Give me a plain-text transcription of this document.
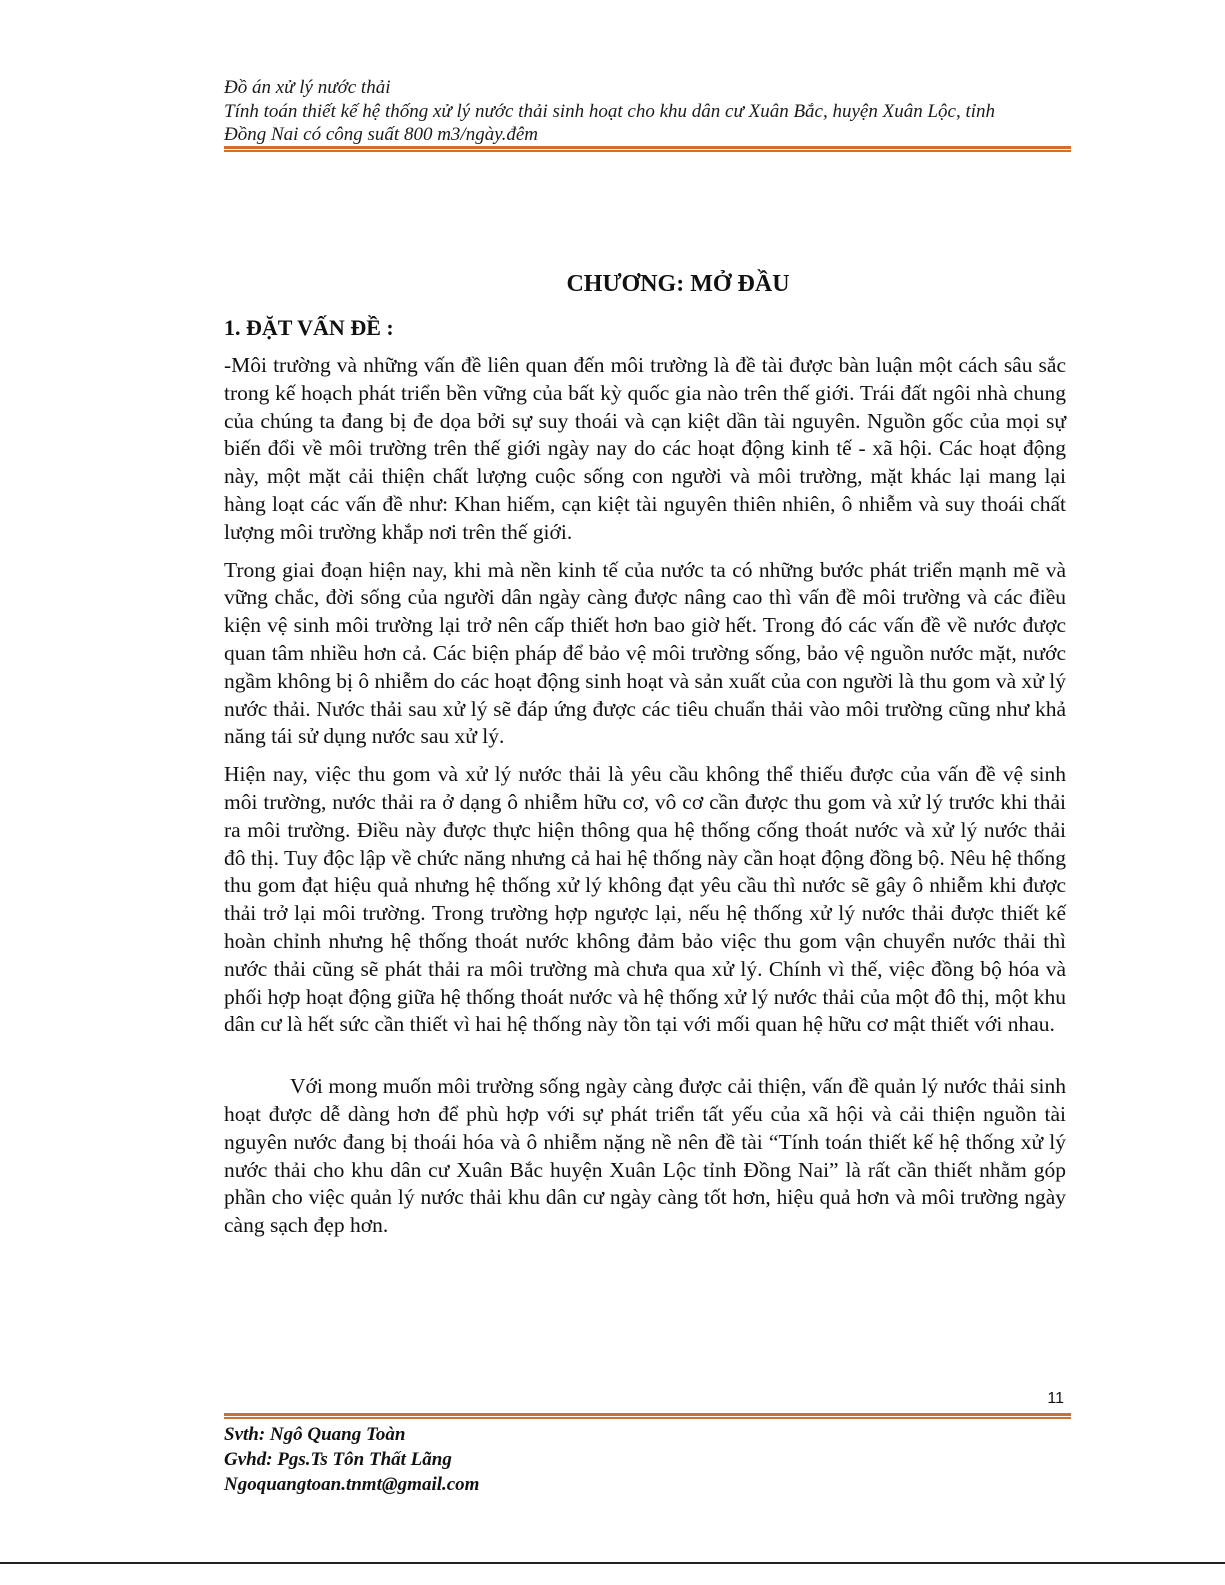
Đồ án xử lý nước thải
Tính toán thiết kế hệ thống xử lý nước thải sinh hoạt cho khu dân cư Xuân Bắc, huyện Xuân Lộc, tỉnh
Đồng Nai có công suất 800 m3/ngày.đêm
CHƯƠNG: MỞ ĐẦU
1. ĐẶT VẤN ĐỀ :

-Môi trường và những vấn đề liên quan đến môi trường là đề tài được bàn luận một cách sâu sắc trong kế hoạch phát triển bền vững của bất kỳ quốc gia nào trên thế giới. Trái đất ngôi nhà chung của chúng ta đang bị đe dọa bởi sự suy thoái và cạn kiệt dần tài nguyên. Nguồn gốc của mọi sự biến đổi về môi trường trên thế giới ngày nay do các hoạt động kinh tế - xã hội. Các hoạt động này, một mặt cải thiện chất lượng cuộc sống con người và môi trường, mặt khác lại mang lại hàng loạt các vấn đề như: Khan hiếm, cạn kiệt tài nguyên thiên nhiên, ô nhiễm và suy thoái chất lượng môi trường khắp nơi trên thế giới.

Trong giai đoạn hiện nay, khi mà nền kinh tế của nước ta có những bước phát triển mạnh mẽ và vững chắc, đời sống của người dân ngày càng được nâng cao thì vấn đề môi trường và các điều kiện vệ sinh môi trường lại trở nên cấp thiết hơn bao giờ hết. Trong đó các vấn đề về nước được quan tâm nhiều hơn cả. Các biện pháp để bảo vệ môi trường sống, bảo vệ nguồn nước mặt, nước ngầm không bị ô nhiễm do các hoạt động sinh hoạt và sản xuất của con người là thu gom và xử lý nước thải. Nước thải sau xử lý sẽ đáp ứng được các tiêu chuẩn thải vào môi trường cũng như khả năng tái sử dụng nước sau xử lý.

Hiện nay, việc thu gom và xử lý nước thải là yêu cầu không thể thiếu được của vấn đề vệ sinh môi trường, nước thải ra ở dạng ô nhiễm hữu cơ, vô cơ cần được thu gom và xử lý trước khi thải ra môi trường. Điều này được thực hiện thông qua hệ thống cống thoát nước và xử lý nước thải đô thị. Tuy độc lập về chức năng nhưng cả hai hệ thống này cần hoạt động đồng bộ. Nêu hệ thống thu gom đạt hiệu quả nhưng hệ thống xử lý không đạt yêu cầu thì nước sẽ gây ô nhiễm khi được thải trở lại môi trường. Trong trường hợp ngược lại, nếu hệ thống xử lý nước thải được thiết kế hoàn chỉnh nhưng hệ thống thoát nước không đảm bảo việc thu gom vận chuyển nước thải thì nước thải cũng sẽ phát thải ra môi trường mà chưa qua xử lý. Chính vì thế, việc đồng bộ hóa và phối hợp hoạt động giữa hệ thống thoát nước và hệ thống xử lý nước thải của một đô thị, một khu dân cư là hết sức cần thiết vì hai hệ thống này tồn tại với mối quan hệ hữu cơ mật thiết với nhau.

Với mong muốn môi trường sống ngày càng được cải thiện, vấn đề quản lý nước thải sinh hoạt được dễ dàng hơn để phù hợp với sự phát triển tất yếu của xã hội và cải thiện nguồn tài nguyên nước đang bị thoái hóa và ô nhiễm nặng nề nên đề tài “Tính toán thiết kế hệ thống xử lý nước thải cho khu dân cư Xuân Bắc huyện Xuân Lộc tỉnh Đồng Nai” là rất cần thiết nhằm góp phần cho việc quản lý nước thải khu dân cư ngày càng tốt hơn, hiệu quả hơn và môi trường ngày càng sạch đẹp hơn.

11
Svth: Ngô Quang Toàn
Gvhd: Pgs.Ts Tôn Thất Lãng
Ngoquangtoan.tnmt@gmail.com
